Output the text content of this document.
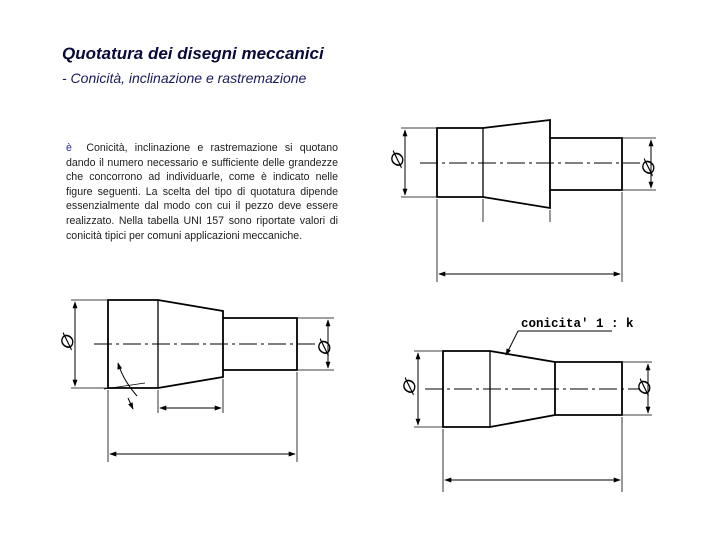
Quotatura dei disegni meccanici

- Conicità, inclinazione e rastremazione

è Conicità, inclinazione e rastremazione si quotano dando il numero necessario e sufficiente delle grandezze che concorrono ad individuarle, come è indicato nelle figure seguenti. La scelta del tipo di quotatura dipende essenzialmente dal modo con cui il pezzo deve essere realizzato. Nella tabella UNI 157 sono riportate valori di conicità tipici per comuni applicazioni meccaniche.

Ø	Ø
Ø	Ø
conicita' 1 : k
Ø	Ø
